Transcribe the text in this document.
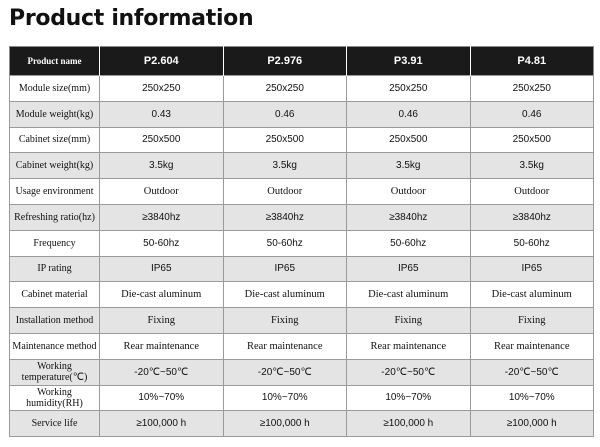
Product information
Product name	P2.604	P2.976	P3.91	P4.81
Module size(mm)	250x250	250x250	250x250	250x250
Module weight(kg)	0.43	0.46	0.46	0.46
Cabinet size(mm)	250x500	250x500	250x500	250x500
Cabinet weight(kg)	3.5kg	3.5kg	3.5kg	3.5kg
Usage environment	Outdoor	Outdoor	Outdoor	Outdoor
Refreshing ratio(hz)	≥3840hz	≥3840hz	≥3840hz	≥3840hz
Frequency	50-60hz	50-60hz	50-60hz	50-60hz
IP rating	IP65	IP65	IP65	IP65
Cabinet material	Die-cast aluminum	Die-cast aluminum	Die-cast aluminum	Die-cast aluminum
Installation method	Fixing	Fixing	Fixing	Fixing
Maintenance method	Rear maintenance	Rear maintenance	Rear maintenance	Rear maintenance
Working temperature(℃)	-20℃~50℃	-20℃~50℃	-20℃~50℃	-20℃~50℃
Working humidity(RH)	10%~70%	10%~70%	10%~70%	10%~70%
Service life	≥100,000 h	≥100,000 h	≥100,000 h	≥100,000 h
